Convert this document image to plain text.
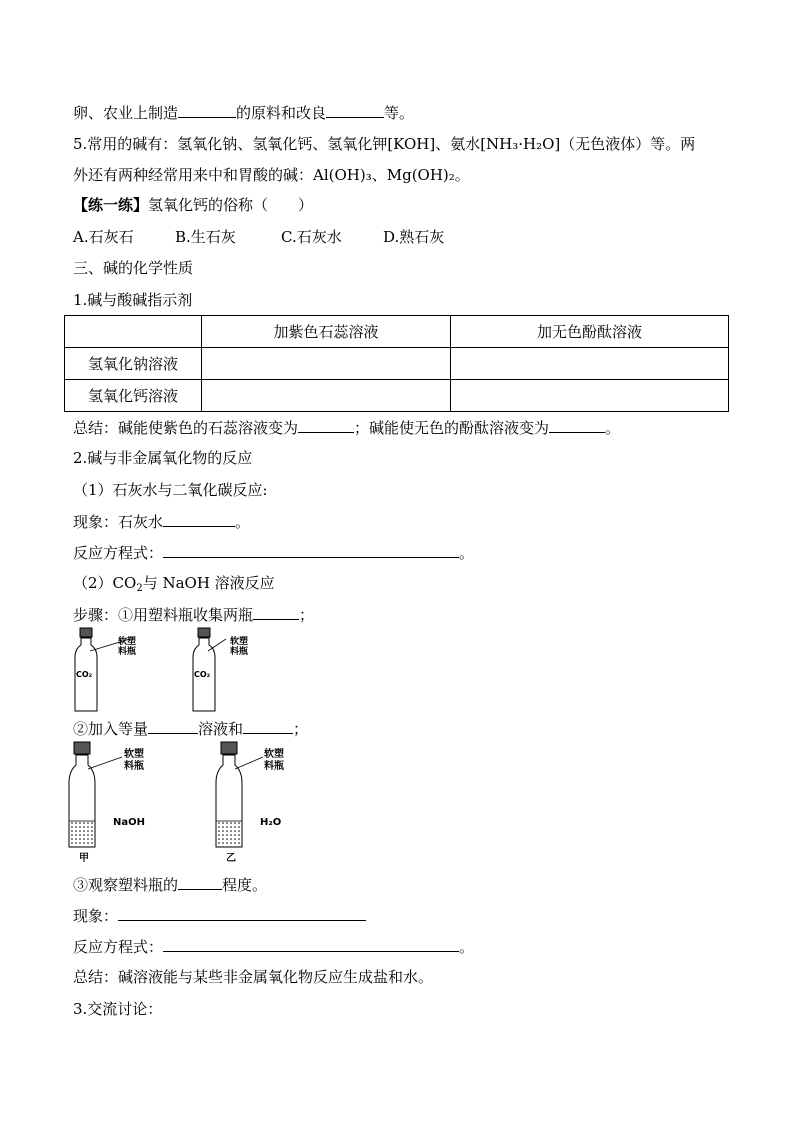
卵、农业上制造	的原料和改良	等。
5.常用的碱有：氢氧化钠、氢氧化钙、氢氧化钾[KOH]、氨水[NH₃·H₂O]（无色液体）等。两
外还有两种经常用来中和胃酸的碱：Al(OH)₃、Mg(OH)₂。
【练一练】氢氧化钙的俗称（　　）
A.石灰石	B.生石灰	C.石灰水	D.熟石灰
三、碱的化学性质
1.碱与酸碱指示剂
	加紫色石蕊溶液	加无色酚酞溶液
氢氧化钠溶液		
氢氧化钙溶液		
总结：碱能使紫色的石蕊溶液变为	；碱能使无色的酚酞溶液变为	。
2.碱与非金属氧化物的反应
（1）石灰水与二氧化碳反应:
现象：石灰水	。
反应方程式：	。
$(2)CO_2$与 NaOH 溶液反应
步骤：①用塑料瓶收集两瓶	；
软塑
料瓶
CO₂
软塑
料瓶
CO₂
②加入等量	溶液和	；
软塑
料瓶
NaOH
甲
软塑
料瓶
H₂O
乙
③观察塑料瓶的	程度。
现象：
反应方程式：	。
总结：碱溶液能与某些非金属氧化物反应生成盐和水。
3.交流讨论：
